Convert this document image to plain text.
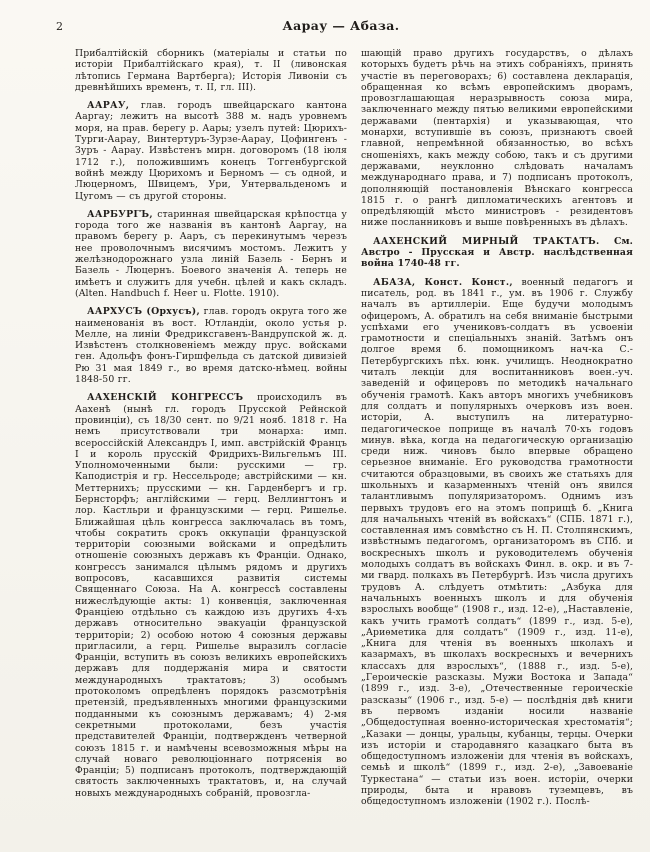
2	Аарау — Абаза.

Прибалтійскій сборникъ (матеріалы и статьи по исторіи Прибалтійскаго края), т. II (ливонская лѣтопись Германа Вартберга); Исторія Ливоніи съ древнѣйшихъ временъ, т. II, гл. III).

ААРАУ, глав. городъ швейцарскаго кантона Ааргау; лежитъ на высотѣ 388 м. надъ уровнемъ моря, на прав. берегу р. Аары; узелъ путей: Цюрихъ-Турги-Аарау, Винтертуръ-Зурзе-Аарау, Цофингенъ - Зуръ - Аарау. Извѣстенъ мирн. договоромъ (18 іюля 1712 г.), положившимъ конецъ Тоггенбургской войнѣ между Цюрихомъ и Берномъ — съ одной, и Люцерномъ, Швицемъ, Ури, Унтервальденомъ и Цугомъ — съ другой стороны.

ААРБУРГЪ, старинная швейцарская крѣпостца у города того же названія въ кантонѣ Ааргау, на правомъ берегу р. Ааръ, съ перекинутымъ черезъ нее проволочнымъ висячимъ мостомъ. Лежитъ у желѣзнодорожнаго узла линій Базель - Бернъ и Базель - Люцернъ. Боевого значенія А. теперь не имѣетъ и служитъ для учебн. цѣлей и какъ складъ. (Alten. Handbuch f. Heer u. Flotte. 1910).

ААРХУСЪ (Орхусъ), глав. городъ округа того же наименованія въ вост. Ютландіи, около устья р. Мелле, на линіи Фредриксгавенъ-Вандрупской ж. д. Извѣстенъ столкновеніемъ между прус. войсками ген. Адольфъ фонъ-Гиршфельда съ датской дивизіей Рю 31 мая 1849 г., во время датско-нѣмец. войны 1848-50 гг.

ААХЕНСКІЙ КОНГРЕССЪ происходилъ въ Аахенѣ (нынѣ гл. городъ Прусской Рейнской провинціи), съ 18/30 сент. по 9/21 нояб. 1818 г. На немъ присутствовали три монарха: имп. всероссійскій Александръ I, имп. австрійскій Францъ I и король прусскій Фридрихъ-Вильгельмъ III. Уполномоченными были: русскими — гр. Каподистрія и гр. Нессельроде; австрійскими — кн. Меттернихъ; прусскими — кн. Гарденбергъ и гр. Бернсторфъ; англійскими — герц. Веллингтонъ и лор. Кастльри и французскими — герц. Ришелье. Ближайшая цѣль конгресса заключалась въ томъ, чтобы сократить срокъ оккупаціи французской территоріи союзными войсками и опредѣлить отношеніе союзныхъ державъ къ Франціи. Однако, конгрессъ занимался цѣлымъ рядомъ и другихъ вопросовъ, касавшихся развитія системы Священнаго Союза. На А. конгрессѣ составлены нижеслѣдующіе акты: 1) конвенція, заключенная Франціею отдѣльно съ каждою изъ другихъ 4-хъ державъ относительно эвакуаціи французской территоріи; 2) особою нотою 4 союзныя державы пригласили, а герц. Ришелье выразилъ согласіе Франціи, вступить въ союзъ великихъ европейскихъ державъ для поддержанія мира и святости международныхъ трактатовъ; 3) особымъ протоколомъ опредѣленъ порядокъ разсмотрѣнія претензій, предъявленныхъ многими французскими подданными къ союзнымъ державамъ; 4) 2-мя секретными протоколами, безъ участія представителей Франціи, подтвержденъ четверной союзъ 1815 г. и намѣчены всевозможныя мѣры на случай новаго революціоннаго потрясенія во Франціи; 5) подписанъ протоколъ, подтверждающій святость заключенныхъ трактатовъ, и, на случай новыхъ международныхъ собраній, провозгла-

шающій право другихъ государствъ, о дѣлахъ которыхъ будетъ рѣчь на этихъ собраніяхъ, принять участіе въ переговорахъ; 6) составлена декларація, обращенная ко всѣмъ европейскимъ дворамъ, провозглашающая неразрывность союза мира, заключеннаго между пятью великими европейскими державами (пентархія) и указывающая, что монархи, вступившіе въ союзъ, признаютъ своей главной, непремѣнной обязанностью, во всѣхъ сношеніяхъ, какъ между собою, такъ и съ другими державами, неуклонно слѣдовать началамъ международнаго права, и 7) подписанъ протоколъ, дополняющій постановленія Вѣнскаго конгресса 1815 г. о рангѣ дипломатическихъ агентовъ и опредѣляющій мѣсто министровъ - резидентовъ ниже посланниковъ и выше повѣренныхъ въ дѣлахъ.

ААХЕНСКИЙ МИРНЫЙ ТРАКТАТЪ. См. Австро - Прусская и Австр. наслѣдственная война 1740-48 гг.

АБАЗА, Конст. Конст., военный педагогъ и писатель, род. въ 1841 г., ум. въ 1906 г. Службу началъ въ артиллеріи. Еще будучи молодымъ офицеромъ, А. обратилъ на себя вниманіе быстрыми успѣхами его учениковъ-солдатъ въ усвоеніи грамотности и спеціальныхъ знаній. Затѣмъ онъ долгое время б. помощникомъ нач-ка С.-Петербургскихъ пѣх. юнк. училищъ. Неоднократно читалъ лекціи для воспитанниковъ воен.-уч. заведеній и офицеровъ по методикѣ начальнаго обученія грамотѣ. Какъ авторъ многихъ учебниковъ для солдатъ и популярныхъ очерковъ изъ воен. исторіи, А. выступилъ на литературно-педагогическое поприще въ началѣ 70-хъ годовъ минув. вѣка, когда на педагогическую организацію среди ниж. чиновъ было впервые обращено серьезное вниманіе. Его руководства грамотности считаются образцовыми, въ своихъ же статьяхъ для школьныхъ и казарменныхъ чтеній онъ явился талантливымъ популяризаторомъ. Однимъ изъ первыхъ трудовъ его на этомъ поприщѣ б. „Книга для начальныхъ чтеній въ войскахъ“ (СПБ. 1871 г.), составленная имъ совмѣстно съ Н. П. Столпянскимъ, извѣстнымъ педагогомъ, организаторомъ въ СПб. и воскресныхъ школъ и руководителемъ обученія молодыхъ солдатъ въ войскахъ Финл. в. окр. и въ 7-ми гвард. полкахъ въ Петербургѣ. Изъ числа другихъ трудовъ А. слѣдуетъ отмѣтить: „Азбука для начальныхъ военныхъ школъ и для обученія взрослыхъ вообще“ (1908 г., изд. 12-е), „Наставленіе, какъ учить грамотѣ солдатъ“ (1899 г., изд. 5-е), „Ариѳметика для солдатъ“ (1909 г., изд. 11-е), „Книга для чтенія въ военныхъ школахъ и казармахъ, въ школахъ воскресныхъ и вечернихъ классахъ для взрослыхъ“, (1888 г., изд. 5-е), „Героическіе разсказы. Мужи Востока и Запада“ (1899 г., изд. 3-е), „Отечественные героическіе разсказы“ (1906 г., изд. 5-е) — послѣднія двѣ книги въ первомъ изданіи носили названіе „Общедоступная военно-историческая хрестоматія“; „Казаки — донцы, уральцы, кубанцы, терцы. Очерки изъ исторіи и стародавняго казацкаго быта въ общедоступномъ изложеніи для чтенія въ войскахъ, семьѣ и школѣ“ (1899 г., изд. 2-е), „Завоеваніе Туркестана“ — статьи изъ воен. исторіи, очерки природы, быта и нравовъ туземцевъ, въ общедоступномъ изложеніи (1902 г.). Послѣ-
